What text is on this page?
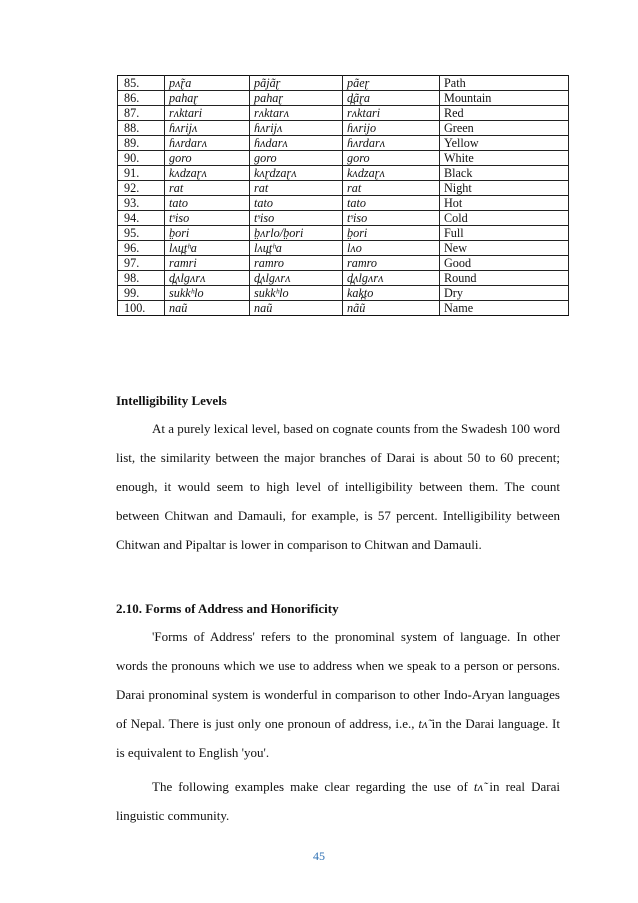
85.	pʌ̃ɽa	pãjãɽ	pãeɽ	Path
86.	pahaɽ	pahaɽ	d̪ãɽa	Mountain
87.	rʌktari	rʌktarʌ	rʌktari	Red
88.	ɦʌrijʌ	ɦʌrijʌ	ɦʌrijo	Green
89.	ɦʌrdarʌ	ɦʌdarʌ	ɦʌrdarʌ	Yellow
90.	goro	goro	goro	White
91.	kʌdzaɽʌ	kʌɽdzaɽʌ	kʌdzaɽʌ	Black
92.	rat	rat	rat	Night
93.	tato	tato	tato	Hot
94.	tˢiso	tˢiso	tˢiso	Cold
95.	b̤ori	b̤ʌrlo/b̤ori	b̤ori	Full
96.	lʌu̪tʰa	lʌu̪tʰa	lʌo	New
97.	ramri	ramro	ramro	Good
98.	d̪ʌlgʌrʌ	d̪ʌlgʌrʌ	d̪ʌlgʌrʌ	Round
99.	sukkʰlo	sukkʰlo	kak̪to	Dry
100.	naũ	naũ	nãũ	Name
Intelligibility Levels

At a purely lexical level, based on cognate counts from the Swadesh 100 word list, the similarity between the major branches of Darai is about 50 to 60 precent; enough, it would seem to high level of intelligibility between them. The count between Chitwan and Damauli, for example, is 57 percent. Intelligibility between Chitwan and Pipaltar is lower in comparison to Chitwan and Damauli.

2.10. Forms of Address and Honorificity

'Forms of Address' refers to the pronominal system of language. In other words the pronouns which we use to address when we speak to a person or persons. Darai pronominal system is wonderful in comparison to other Indo-Aryan languages of Nepal. There is just only one pronoun of address, i.e., tʌ̃ in the Darai language. It is equivalent to English 'you'.

The following examples make clear regarding the use of tʌ̃ in real Darai linguistic community.

45
